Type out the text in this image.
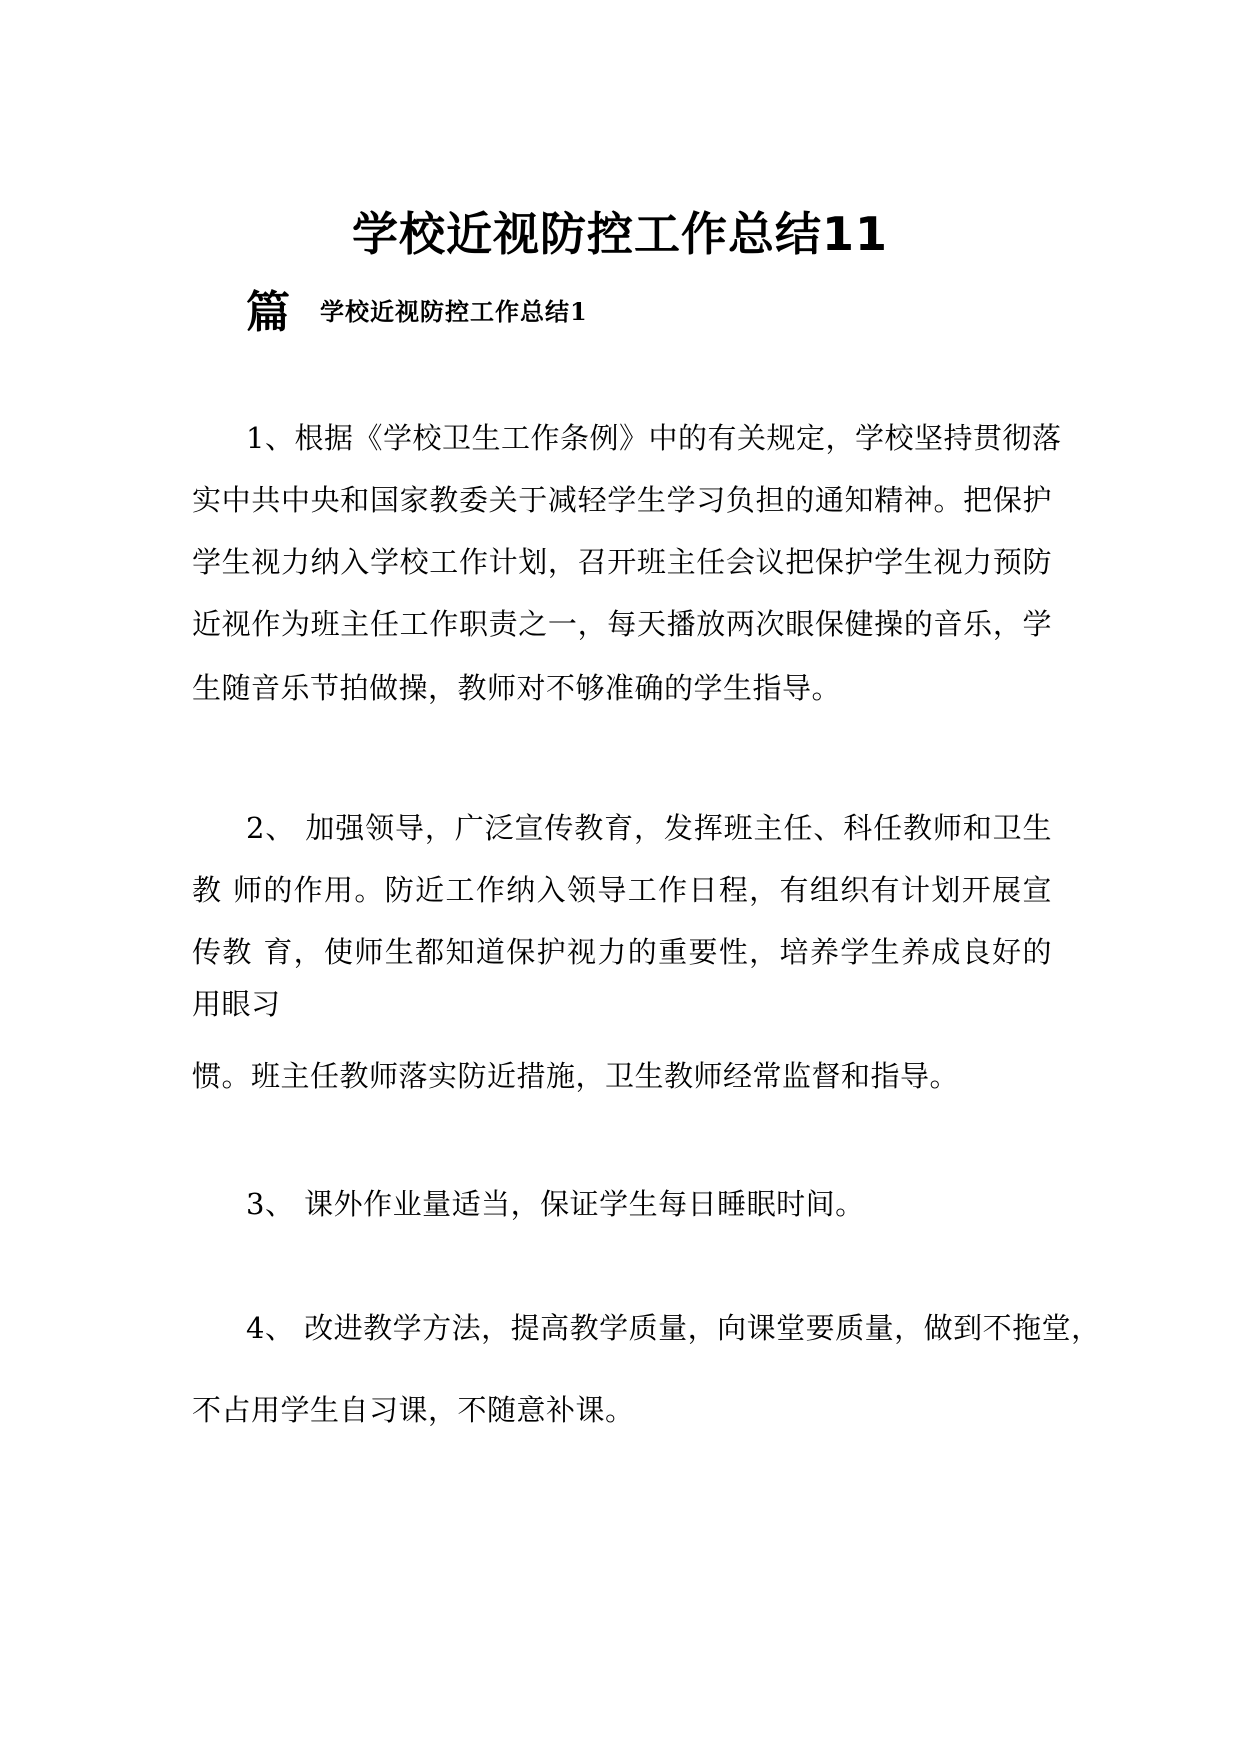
学校近视防控工作总结11
篇 学校近视防控工作总结1
1、根据《学校卫生工作条例》中的有关规定，学校坚持贯彻落
实中共中央和国家教委关于减轻学生学习负担的通知精神。把保护
学生视力纳入学校工作计划，召开班主任会议把保护学生视力预防
近视作为班主任工作职责之一，每天播放两次眼保健操的音乐，学
生随音乐节拍做操，教师对不够准确的学生指导。
2、 加强领导，广泛宣传教育，发挥班主任、科任教师和卫生
教 师的作用。防近工作纳入领导工作日程，有组织有计划开展宣
传教 育，使师生都知道保护视力的重要性，培养学生养成良好的
用眼习
惯。班主任教师落实防近措施，卫生教师经常监督和指导。
3、 课外作业量适当，保证学生每日睡眠时间。
4、 改进教学方法，提高教学质量，向课堂要质量，做到不拖堂，
不占用学生自习课，不随意补课。
